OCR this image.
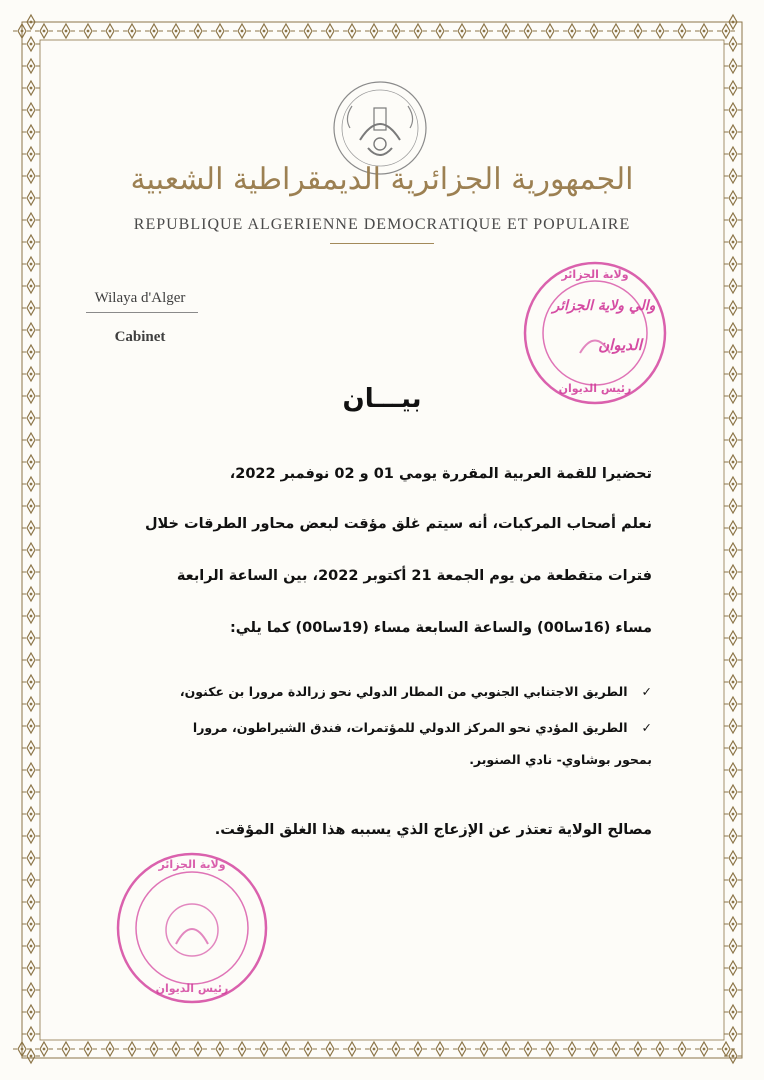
الجمهورية الجزائرية الديمقراطية الشعبية
REPUBLIQUE ALGERIENNE DEMOCRATIQUE ET POPULAIRE
Wilaya d'Alger
Cabinet
ولاية الجزائر
رئيس الديوان
والي ولاية الجزائر
الديوان
بيـــان
تحضيرا للقمة العربية المقررة يومي 01 و 02 نوفمبر 2022،
نعلم أصحاب المركبات، أنه سيتم غلق مؤقت لبعض محاور الطرقات خلال
فترات متقطعة من يوم الجمعة 21 أكتوبر 2022، بين الساعة الرابعة
مساء (16سا00) والساعة السابعة مساء (19سا00) كما يلي:
✓الطريق الاجتنابي الجنوبي من المطار الدولي نحو زرالدة مرورا بن عكنون،
✓الطريق المؤدي نحو المركز الدولي للمؤتمرات، فندق الشيراطون، مرورا
بمحور بوشاوي- نادي الصنوبر.
مصالح الولاية تعتذر عن الإزعاج الذي يسببه هذا الغلق المؤقت.
ولاية الجزائر
رئيس الديوان
